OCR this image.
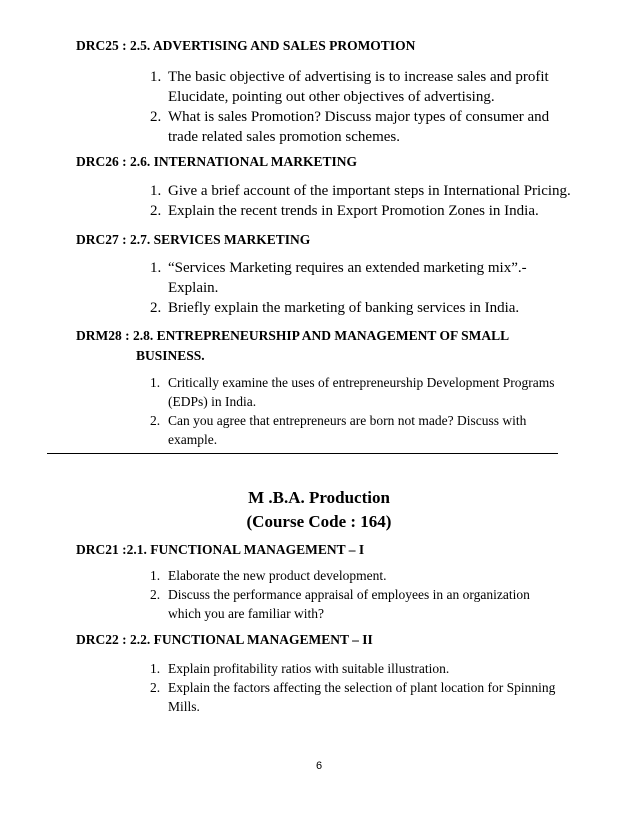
DRC25 : 2.5. ADVERTISING AND SALES PROMOTION
1. The basic objective of advertising is to increase sales and profit
Elucidate, pointing out other objectives of advertising.
2. What is sales Promotion? Discuss major types of consumer and
trade related sales promotion schemes.
DRC26 : 2.6. INTERNATIONAL MARKETING
1. Give a brief account of the important steps in International Pricing.
2. Explain the recent trends in Export Promotion Zones in India.
DRC27 : 2.7. SERVICES MARKETING
1. “Services Marketing requires an extended marketing mix”.-
Explain.
2. Briefly explain the marketing of banking services in India.
DRM28 : 2.8. ENTREPRENEURSHIP AND MANAGEMENT OF SMALL
BUSINESS.
1. Critically examine the uses of entrepreneurship Development Programs
(EDPs) in India.
2. Can you agree that entrepreneurs are born not made? Discuss with
example.
M .B.A. Production
(Course Code : 164)
DRC21 :2.1. FUNCTIONAL MANAGEMENT – I
1. Elaborate the new product development.
2. Discuss the performance appraisal of employees in an organization
which you are familiar with?
DRC22 : 2.2. FUNCTIONAL MANAGEMENT – II
1. Explain profitability ratios with suitable illustration.
2. Explain the factors affecting the selection of plant location for Spinning
Mills.
6
